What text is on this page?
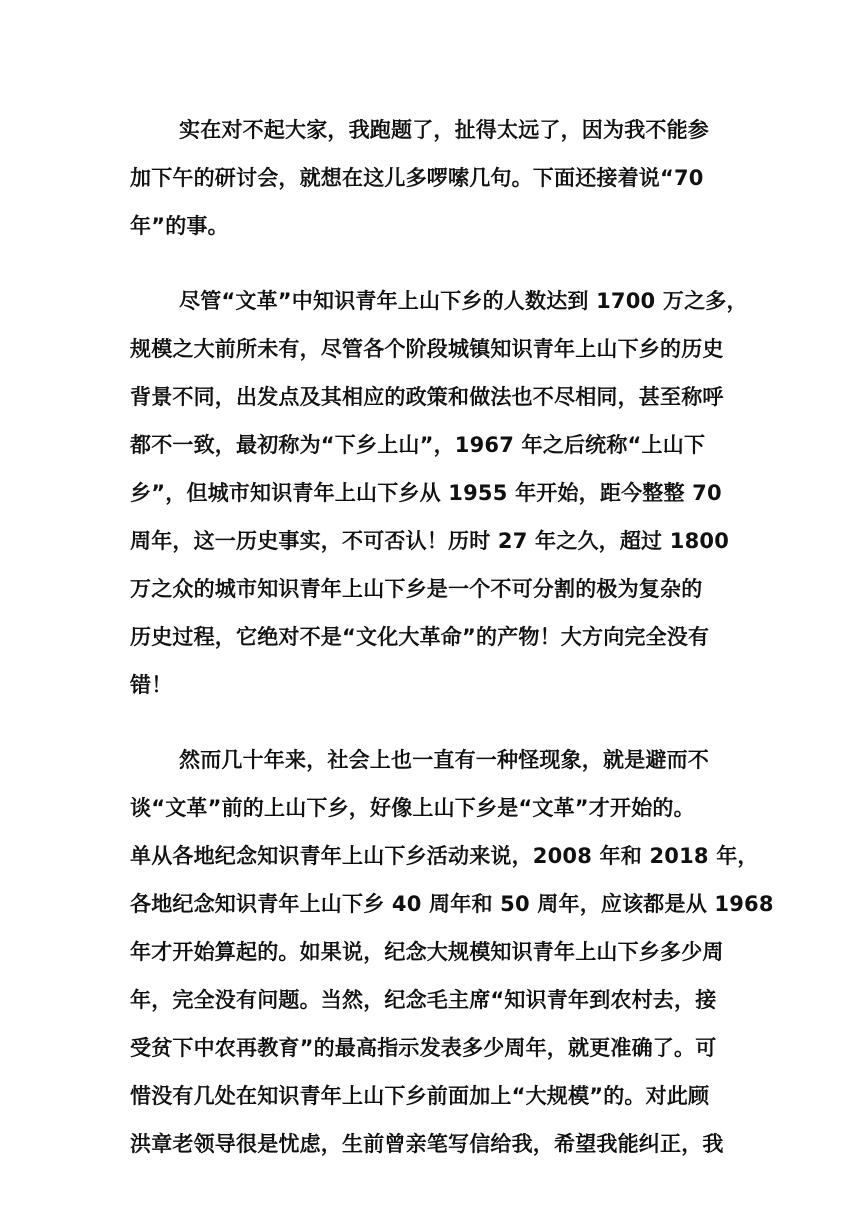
实在对不起大家，我跑题了，扯得太远了，因为我不能参
加下午的研讨会，就想在这儿多啰嗦几句。下面还接着说“70
年”的事。
尽管“文革”中知识青年上山下乡的人数达到 1700 万之多，
规模之大前所未有，尽管各个阶段城镇知识青年上山下乡的历史
背景不同，出发点及其相应的政策和做法也不尽相同，甚至称呼
都不一致，最初称为“下乡上山”，1967 年之后统称“上山下
乡”，但城市知识青年上山下乡从 1955 年开始，距今整整 70
周年，这一历史事实，不可否认！历时 27 年之久，超过 1800
万之众的城市知识青年上山下乡是一个不可分割的极为复杂的
历史过程，它绝对不是“文化大革命”的产物！大方向完全没有
错！
然而几十年来，社会上也一直有一种怪现象，就是避而不
谈“文革”前的上山下乡，好像上山下乡是“文革”才开始的。
单从各地纪念知识青年上山下乡活动来说，2008 年和 2018 年，
各地纪念知识青年上山下乡 40 周年和 50 周年，应该都是从 1968
年才开始算起的。如果说，纪念大规模知识青年上山下乡多少周
年，完全没有问题。当然，纪念毛主席“知识青年到农村去，接
受贫下中农再教育”的最高指示发表多少周年，就更准确了。可
惜没有几处在知识青年上山下乡前面加上“大规模”的。对此顾
洪章老领导很是忧虑，生前曾亲笔写信给我，希望我能纠正，我
